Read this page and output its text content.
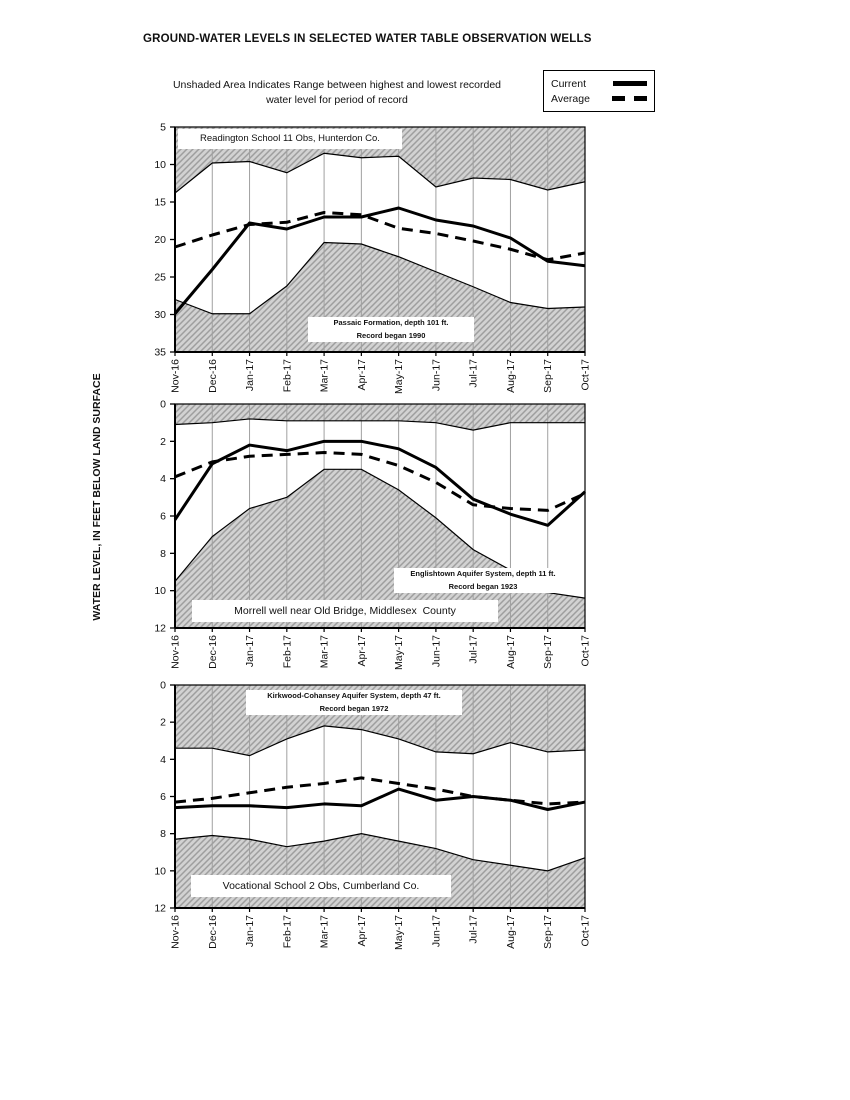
5
10
15
20
25
30
35
Nov-16 Dec-16 Jan-17 Feb-17 Mar-17 Apr-17 May-17 Jun-17 Jul-17 Aug-17 Sep-17 Oct-17
0
2
4
6
8
10
12
Nov-16 Dec-16 Jan-17 Feb-17 Mar-17 Apr-17 May-17 Jun-17 Jul-17 Aug-17 Sep-17 Oct-17
0
2
4
6
8
10
12
Nov-16 Dec-16 Jan-17 Feb-17 Mar-17 Apr-17 May-17 Jun-17 Jul-17 Aug-17 Sep-17 Oct-17
GROUND-WATER LEVELS IN SELECTED WATER TABLE OBSERVATION WELLS
Unshaded Area Indicates Range between highest and lowest recorded
water level for period of record
Current
Average
WATER LEVEL, IN FEET BELOW LAND SURFACE
Readington School 11 Obs, Hunterdon Co.
Passaic Formation, depth 101 ft.
Record began 1990
Englishtown Aquifer System, depth 11 ft.
Record began 1923
Morrell well near Old Bridge, Middlesex  County
Kirkwood-Cohansey Aquifer System, depth 47 ft.
Record began 1972
Vocational School 2 Obs, Cumberland Co.
